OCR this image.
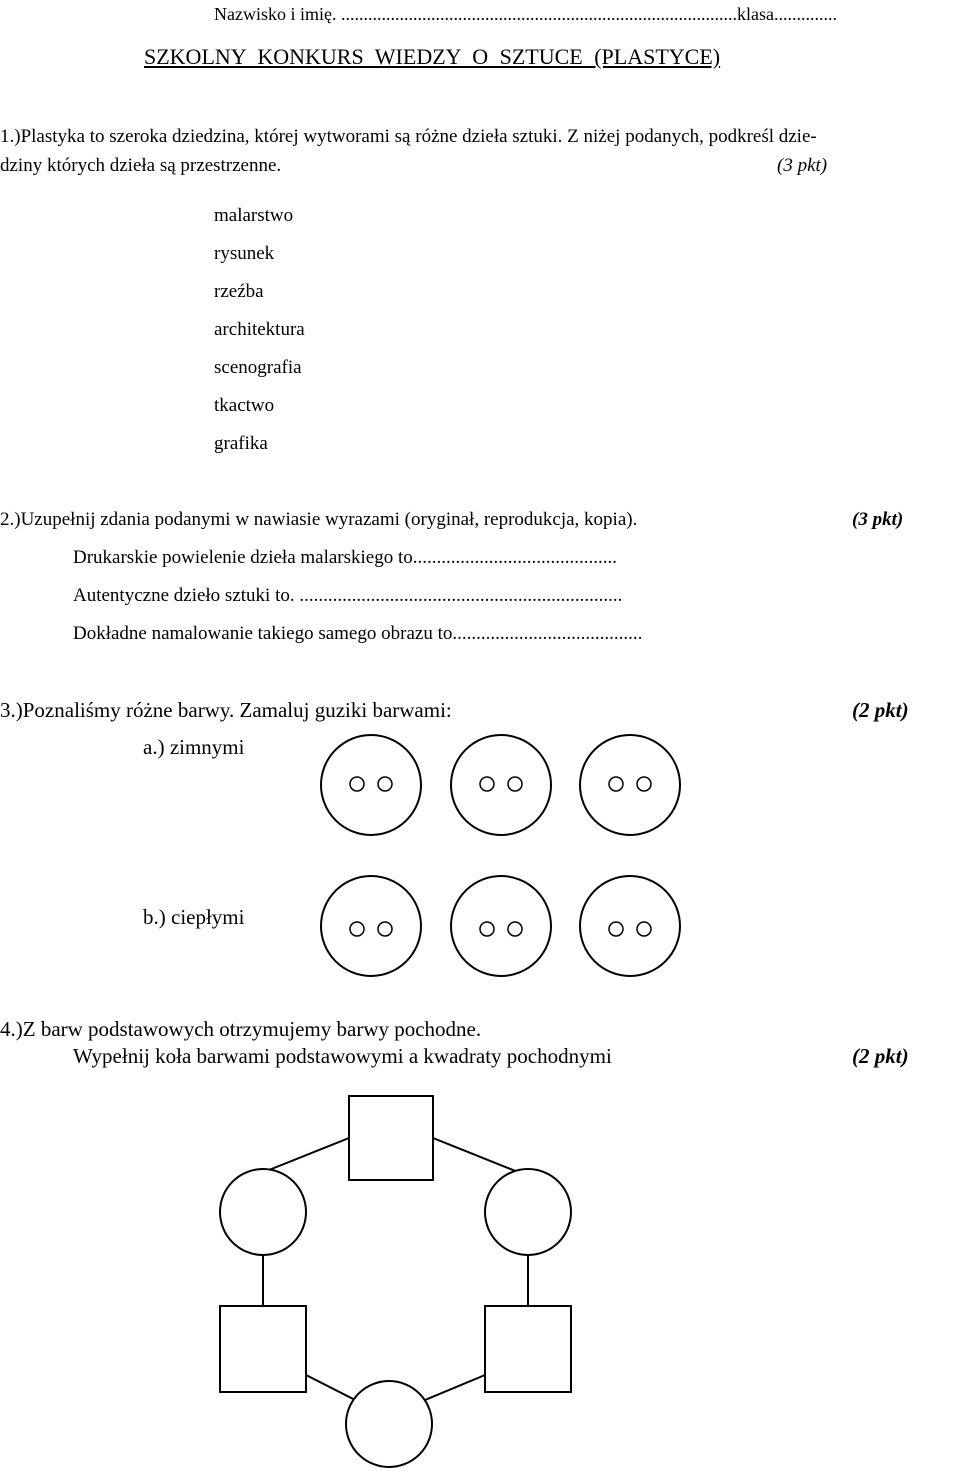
Nazwisko i imię. ........................................................................................klasa..............
SZKOLNY KONKURS WIEDZY O SZTUCE (PLASTYCE)
1.)Plastyka to szeroka dziedzina, której wytworami są różne dzieła sztuki. Z niżej podanych, podkreśl dzie-
dziny których dzieła są przestrzenne.	(3 pkt)
malarstwo
rysunek
rzeźba
architektura
scenografia
tkactwo
grafika
2.)Uzupełnij zdania podanymi w nawiasie wyrazami (oryginał, reprodukcja, kopia).	(3 pkt)
Drukarskie powielenie dzieła malarskiego to...........................................
Autentyczne dzieło sztuki to. ....................................................................
Dokładne namalowanie takiego samego obrazu to........................................
3.)Poznaliśmy różne barwy. Zamaluj guziki barwami:	(2 pkt)
a.) zimnymi
b.) ciepłymi
4.)Z barw podstawowych otrzymujemy barwy pochodne.
Wypełnij koła barwami podstawowymi a kwadraty pochodnymi	(2 pkt)
